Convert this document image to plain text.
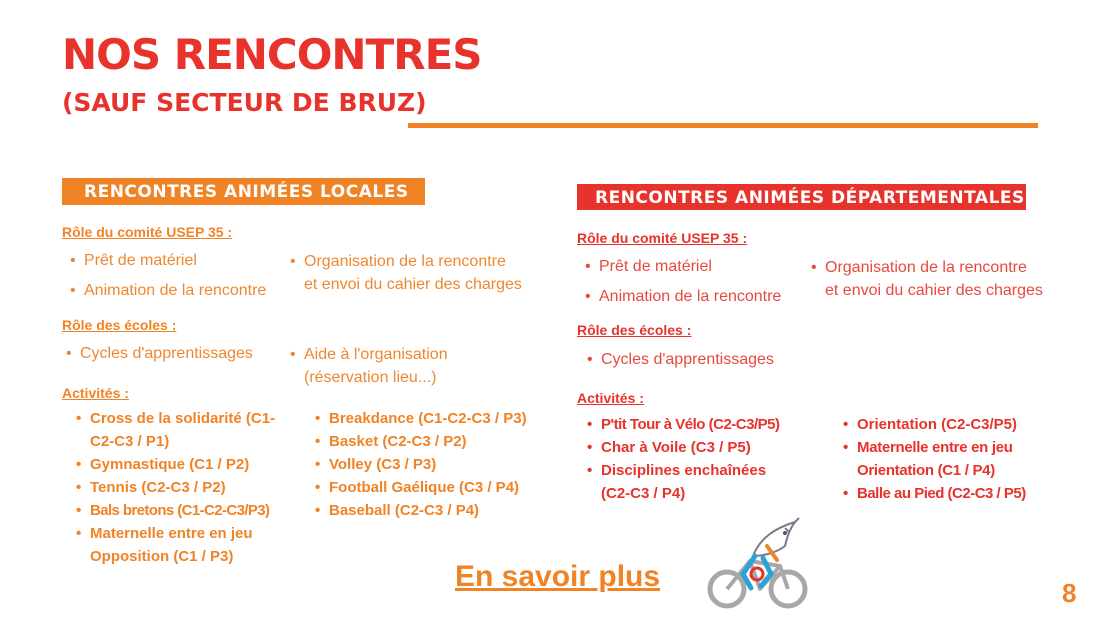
NOS RENCONTRES
(SAUF SECTEUR DE BRUZ)
RENCONTRES ANIMÉES LOCALES
Rôle du comité USEP 35 :
• Prêt de matériel
• Animation de la rencontre
• Organisation de la rencontre
et envoi du cahier des charges
Rôle des écoles :
• Cycles d'apprentissages
•	Aide à l'organisation
(réservation lieu...)
Activités :
• Cross de la solidarité (C1-C2-C3 / P1)
• Gymnastique (C1 / P2)
• Tennis (C2-C3 / P2)
• Bals bretons (C1-C2-C3/P3)
• Maternelle entre en jeu Opposition (C1 / P3)
• Breakdance (C1-C2-C3 / P3)
• Basket (C2-C3 / P2)
• Volley (C3 / P3)
• Football Gaélique (C3 / P4)
• Baseball (C2-C3 / P4)
RENCONTRES ANIMÉES DÉPARTEMENTALES
Rôle du comité USEP 35 :
• Prêt de matériel
• Animation de la rencontre
• Organisation de la rencontre
et envoi du cahier des charges
Rôle des écoles :
• Cycles d'apprentissages
Activités :
• P'tit Tour à Vélo (C2-C3/P5)
• Char à Voile (C3 / P5)
• Disciplines enchaînées (C2-C3 / P4)
• Orientation (C2-C3/P5)
• Maternelle entre en jeu Orientation (C1 / P4)
• Balle au Pied (C2-C3 / P5)
En savoir plus	8
